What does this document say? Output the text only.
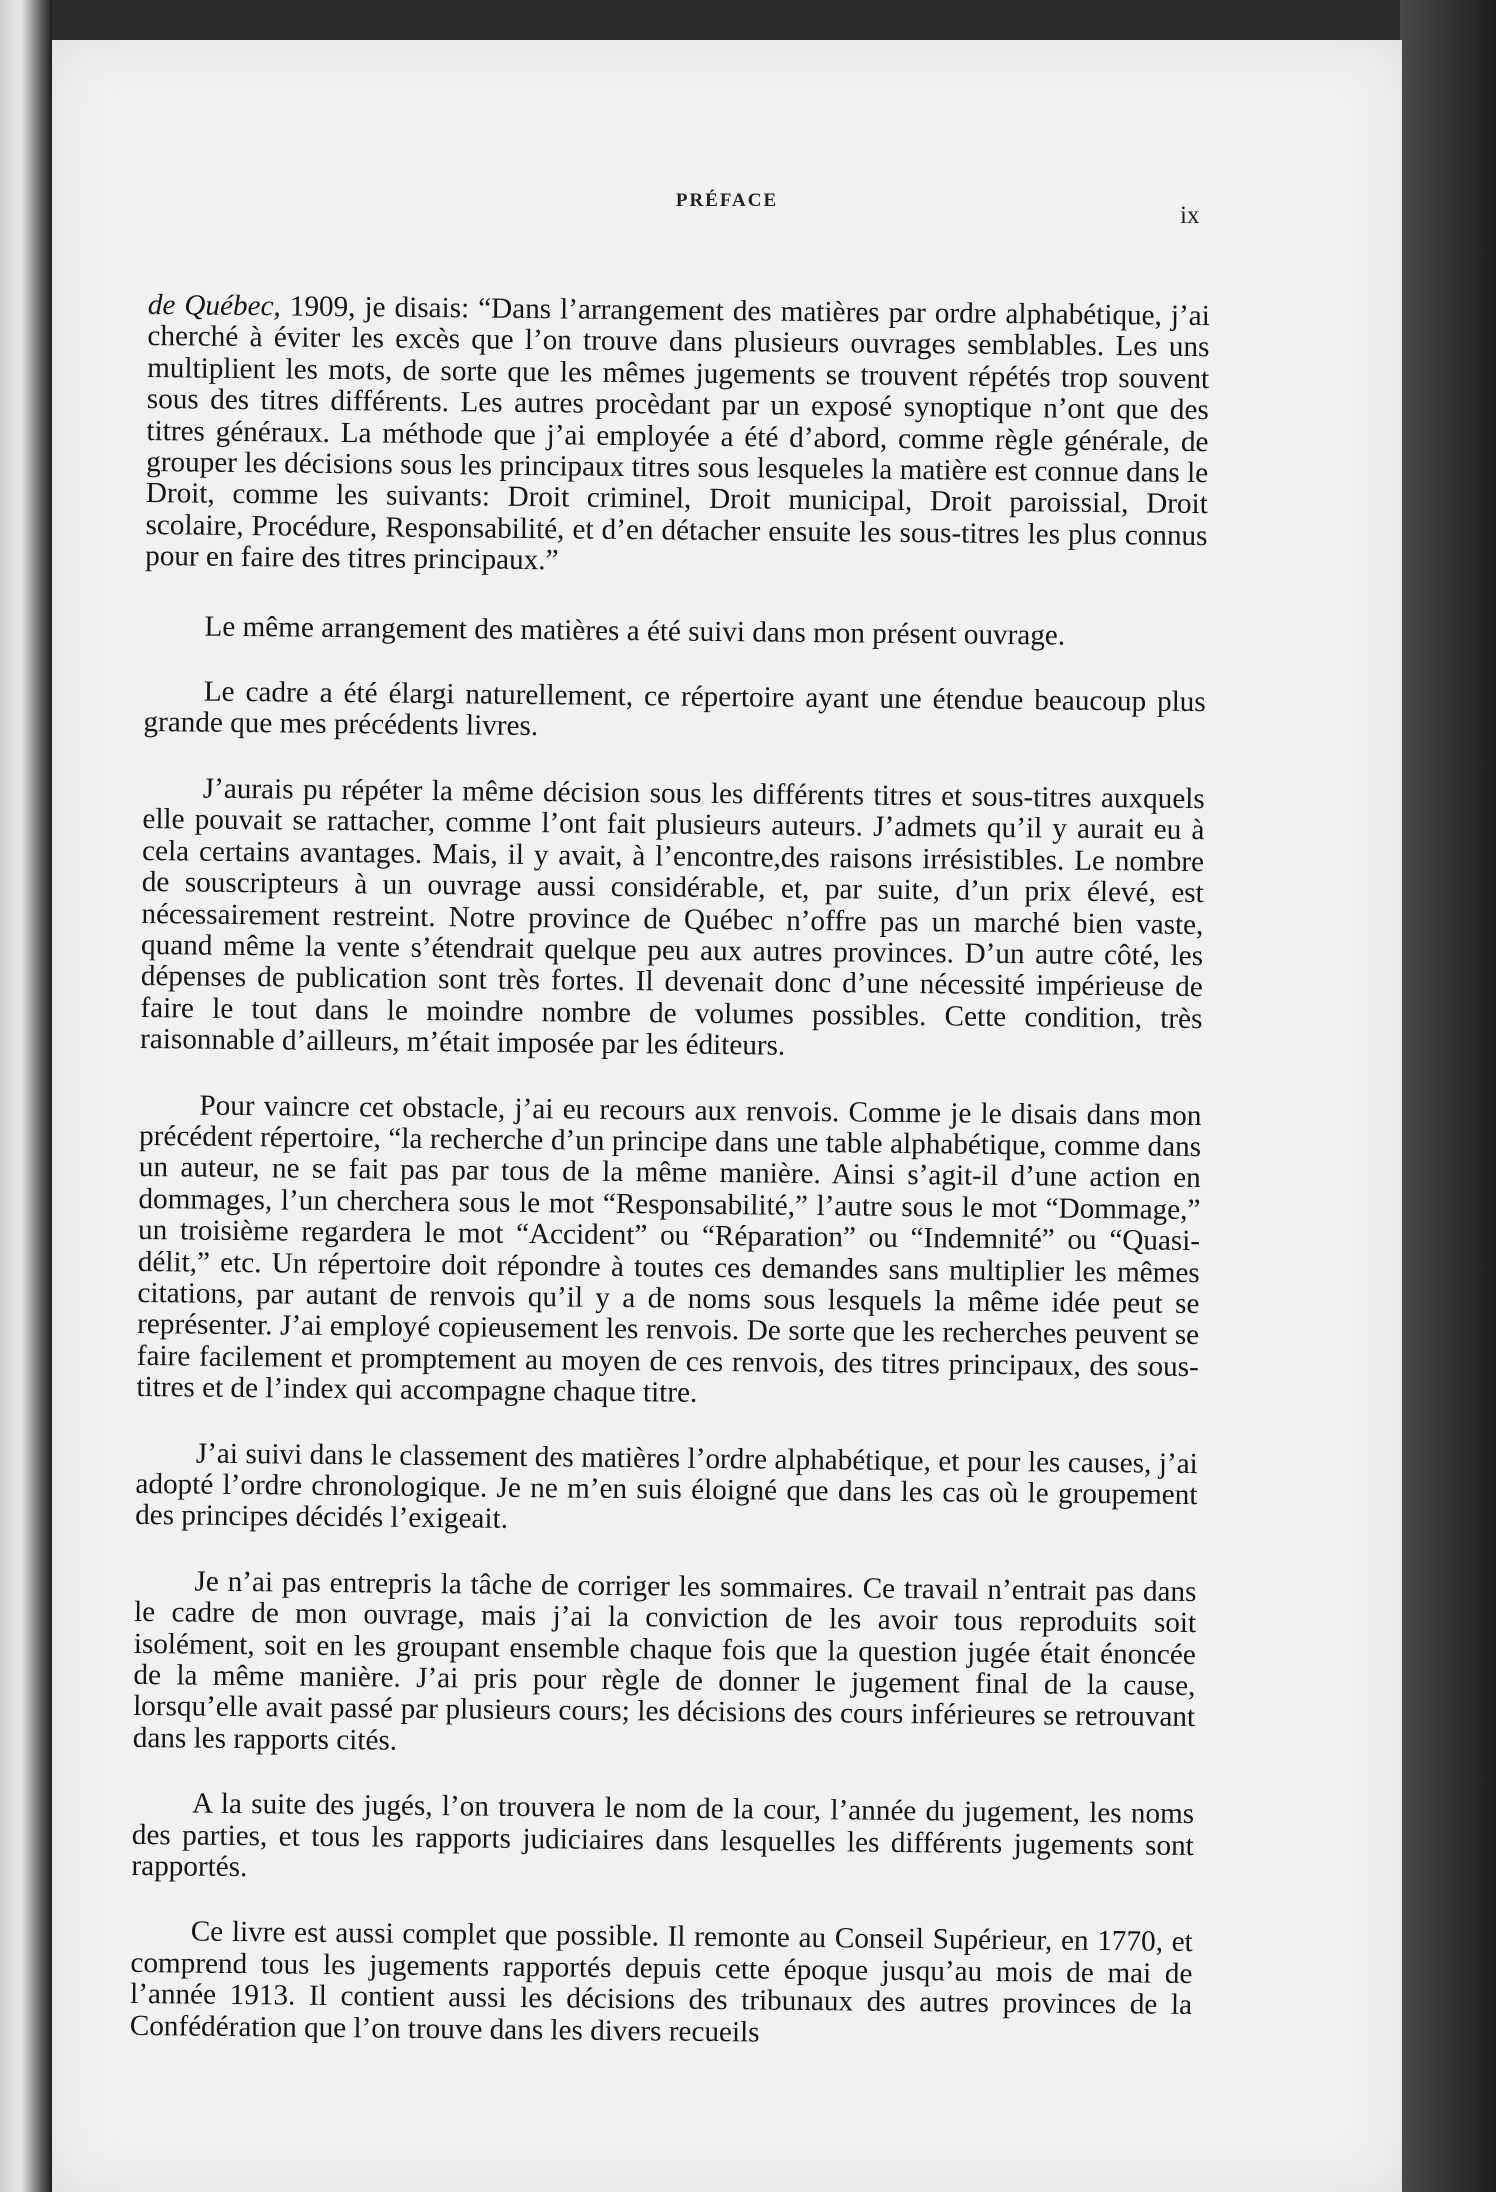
PRÉFACE
ix

de Québec, 1909, je disais: “Dans l’arrangement des matières par ordre alphabétique, j’ai cherché à éviter les excès que l’on trouve dans plusieurs ouvrages semblables. Les uns multiplient les mots, de sorte que les mêmes jugements se trouvent répétés trop souvent sous des titres différents. Les autres procèdant par un exposé synoptique n’ont que des titres généraux. La méthode que j’ai employée a été d’abord, comme règle générale, de grouper les décisions sous les principaux titres sous lesqueles la matière est connue dans le Droit, comme les suivants: Droit criminel, Droit municipal, Droit paroissial, Droit scolaire, Procédure, Responsabilité, et d’en détacher ensuite les sous-titres les plus connus pour en faire des titres principaux.”

Le même arrangement des matières a été suivi dans mon présent ouvrage.

Le cadre a été élargi naturellement, ce répertoire ayant une étendue beaucoup plus grande que mes précédents livres.

J’aurais pu répéter la même décision sous les différents titres et sous-titres auxquels elle pouvait se rattacher, comme l’ont fait plusieurs auteurs. J’admets qu’il y aurait eu à cela certains avantages. Mais, il y avait, à l’encontre,des raisons irrésistibles. Le nombre de souscripteurs à un ouvrage aussi considérable, et, par suite, d’un prix élevé, est nécessairement restreint. Notre province de Québec n’offre pas un marché bien vaste, quand même la vente s’étendrait quelque peu aux autres provinces. D’un autre côté, les dépenses de publication sont très fortes. Il devenait donc d’une nécessité impérieuse de faire le tout dans le moindre nombre de volumes possibles. Cette condition, très raisonnable d’ailleurs, m’était imposée par les éditeurs.

Pour vaincre cet obstacle, j’ai eu recours aux renvois. Comme je le disais dans mon précédent répertoire, “la recherche d’un principe dans une table alphabétique, comme dans un auteur, ne se fait pas par tous de la même manière. Ainsi s’agit-il d’une action en dommages, l’un cherchera sous le mot “Responsabilité,” l’autre sous le mot “Dommage,” un troisième regardera le mot “Accident” ou “Réparation” ou “Indemnité” ou “Quasi-délit,” etc. Un répertoire doit répondre à toutes ces demandes sans multiplier les mêmes citations, par autant de renvois qu’il y a de noms sous lesquels la même idée peut se représenter. J’ai employé copieusement les renvois. De sorte que les recherches peuvent se faire facilement et promptement au moyen de ces renvois, des titres principaux, des sous-titres et de l’index qui accompagne chaque titre.

J’ai suivi dans le classement des matières l’ordre alphabétique, et pour les causes, j’ai adopté l’ordre chronologique. Je ne m’en suis éloigné que dans les cas où le groupement des principes décidés l’exigeait.

Je n’ai pas entrepris la tâche de corriger les sommaires. Ce travail n’entrait pas dans le cadre de mon ouvrage, mais j’ai la conviction de les avoir tous reproduits soit isolément, soit en les groupant ensemble chaque fois que la question jugée était énoncée de la même manière. J’ai pris pour règle de donner le jugement final de la cause, lorsqu’elle avait passé par plusieurs cours; les décisions des cours inférieures se retrouvant dans les rapports cités.

A la suite des jugés, l’on trouvera le nom de la cour, l’année du jugement, les noms des parties, et tous les rapports judiciaires dans lesquelles les différents jugements sont rapportés.

Ce livre est aussi complet que possible. Il remonte au Conseil Supérieur, en 1770, et comprend tous les jugements rapportés depuis cette époque jusqu’au mois de mai de l’année 1913. Il contient aussi les décisions des tribunaux des autres provinces de la Confédération que l’on trouve dans les divers recueils
